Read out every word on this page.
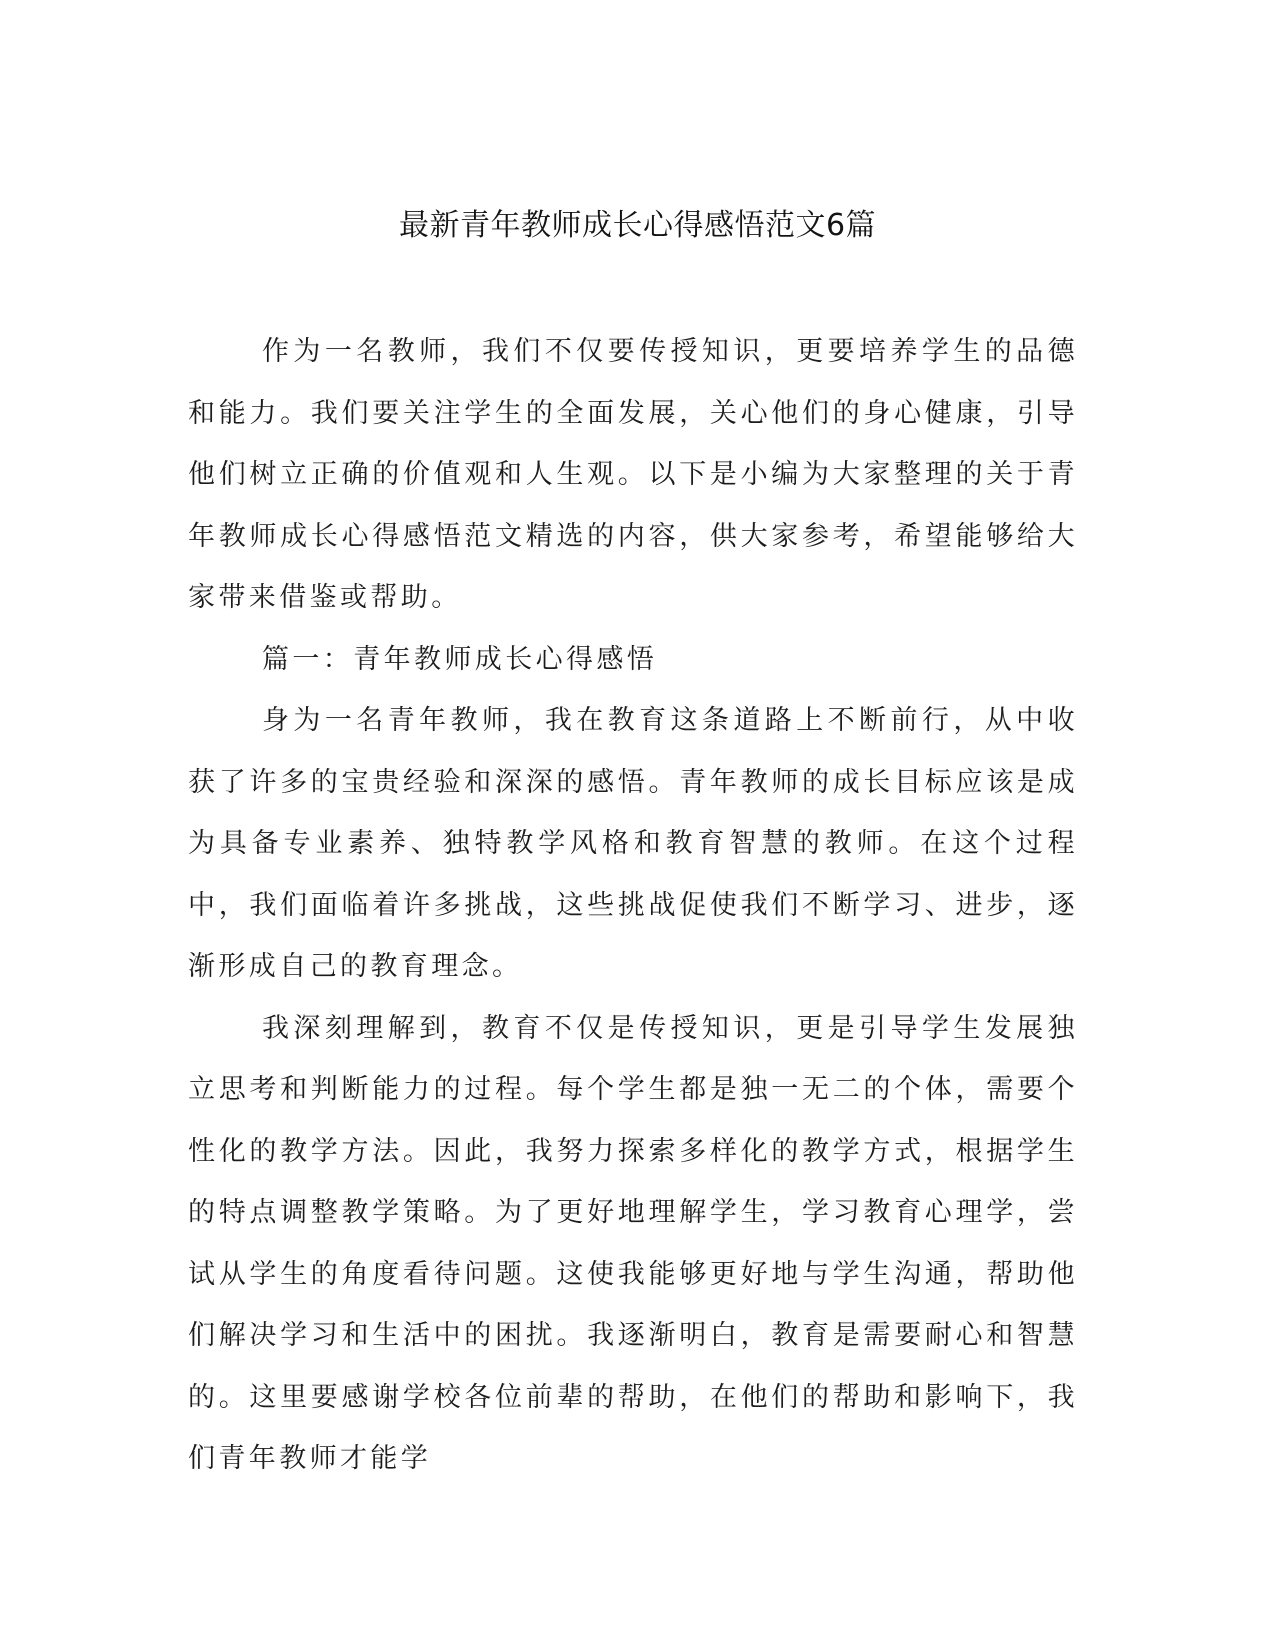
最新青年教师成长心得感悟范文6篇

作为一名教师，我们不仅要传授知识，更要培养学生的品德和能力。我们要关注学生的全面发展，关心他们的身心健康，引导他们树立正确的价值观和人生观。以下是小编为大家整理的关于青年教师成长心得感悟范文精选的内容，供大家参考，希望能够给大家带来借鉴或帮助。

篇一：青年教师成长心得感悟

身为一名青年教师，我在教育这条道路上不断前行，从中收获了许多的宝贵经验和深深的感悟。青年教师的成长目标应该是成为具备专业素养、独特教学风格和教育智慧的教师。在这个过程中，我们面临着许多挑战，这些挑战促使我们不断学习、进步，逐渐形成自己的教育理念。

我深刻理解到，教育不仅是传授知识，更是引导学生发展独立思考和判断能力的过程。每个学生都是独一无二的个体，需要个性化的教学方法。因此，我努力探索多样化的教学方式，根据学生的特点调整教学策略。为了更好地理解学生，学习教育心理学，尝试从学生的角度看待问题。这使我能够更好地与学生沟通，帮助他们解决学习和生活中的困扰。我逐渐明白，教育是需要耐心和智慧的。这里要感谢学校各位前辈的帮助，在他们的帮助和影响下，我们青年教师才能学
